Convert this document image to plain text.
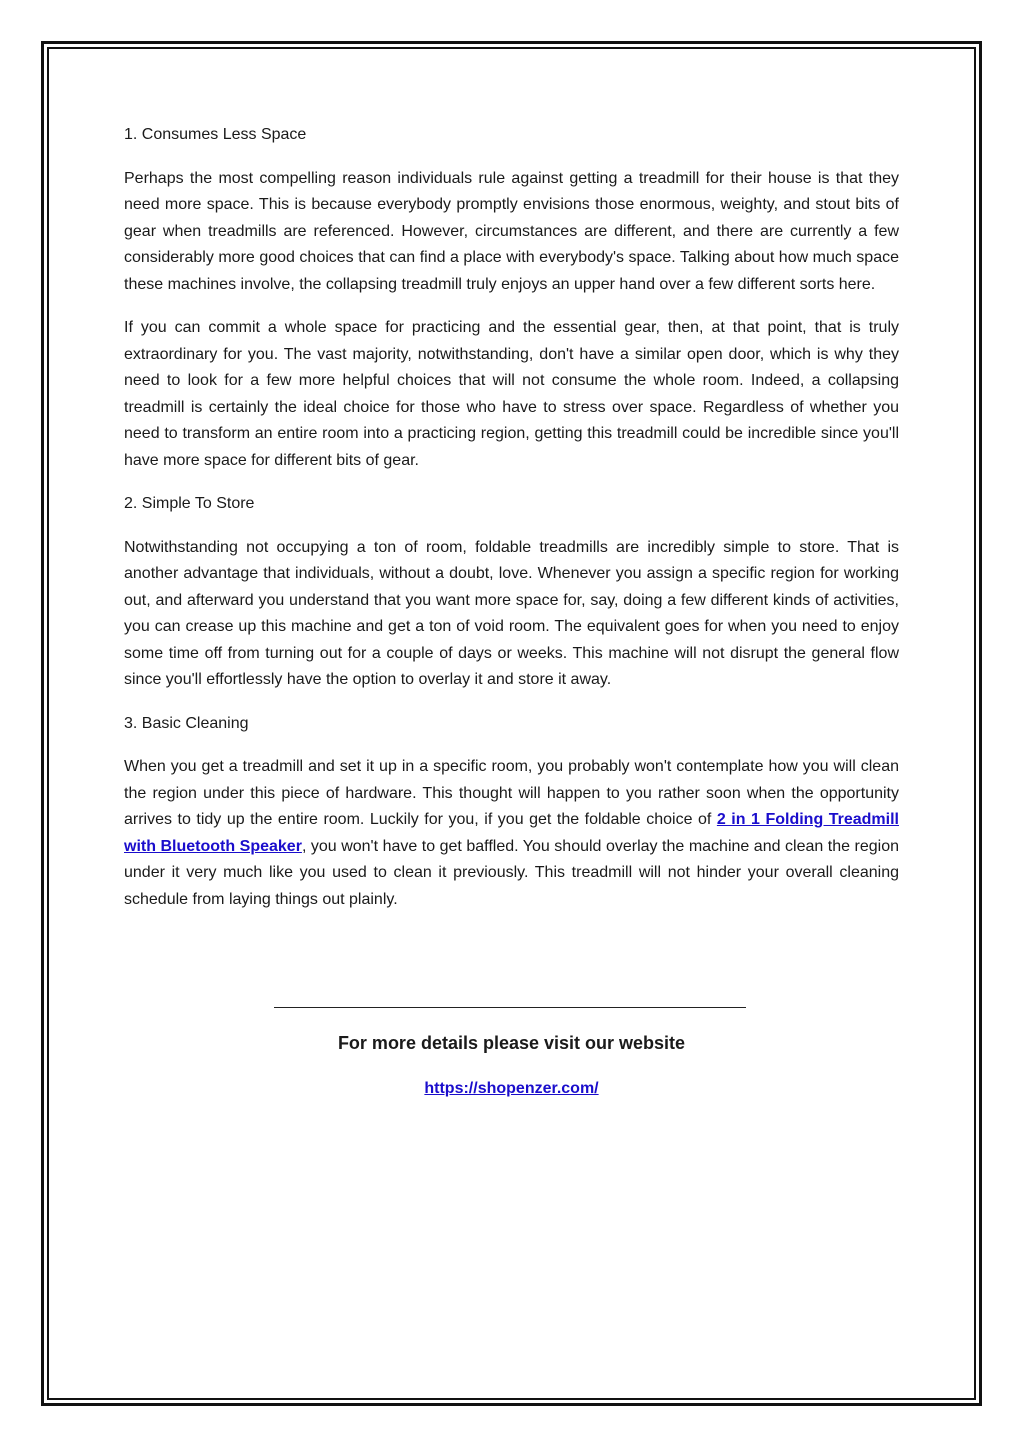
1. Consumes Less Space

Perhaps the most compelling reason individuals rule against getting a treadmill for their house is that they need more space. This is because everybody promptly envisions those enormous, weighty, and stout bits of gear when treadmills are referenced. However, circumstances are different, and there are currently a few considerably more good choices that can find a place with everybody's space. Talking about how much space these machines involve, the collapsing treadmill truly enjoys an upper hand over a few different sorts here.

If you can commit a whole space for practicing and the essential gear, then, at that point, that is truly extraordinary for you. The vast majority, notwithstanding, don't have a similar open door, which is why they need to look for a few more helpful choices that will not consume the whole room. Indeed, a collapsing treadmill is certainly the ideal choice for those who have to stress over space. Regardless of whether you need to transform an entire room into a practicing region, getting this treadmill could be incredible since you'll have more space for different bits of gear.

2. Simple To Store

Notwithstanding not occupying a ton of room, foldable treadmills are incredibly simple to store. That is another advantage that individuals, without a doubt, love. Whenever you assign a specific region for working out, and afterward you understand that you want more space for, say, doing a few different kinds of activities, you can crease up this machine and get a ton of void room. The equivalent goes for when you need to enjoy some time off from turning out for a couple of days or weeks. This machine will not disrupt the general flow since you'll effortlessly have the option to overlay it and store it away.

3. Basic Cleaning

When you get a treadmill and set it up in a specific room, you probably won't contemplate how you will clean the region under this piece of hardware. This thought will happen to you rather soon when the opportunity arrives to tidy up the entire room. Luckily for you, if you get the foldable choice of 2 in 1 Folding Treadmill with Bluetooth Speaker, you won't have to get baffled. You should overlay the machine and clean the region under it very much like you used to clean it previously. This treadmill will not hinder your overall cleaning schedule from laying things out plainly.

For more details please visit our website
https://shopenzer.com/
